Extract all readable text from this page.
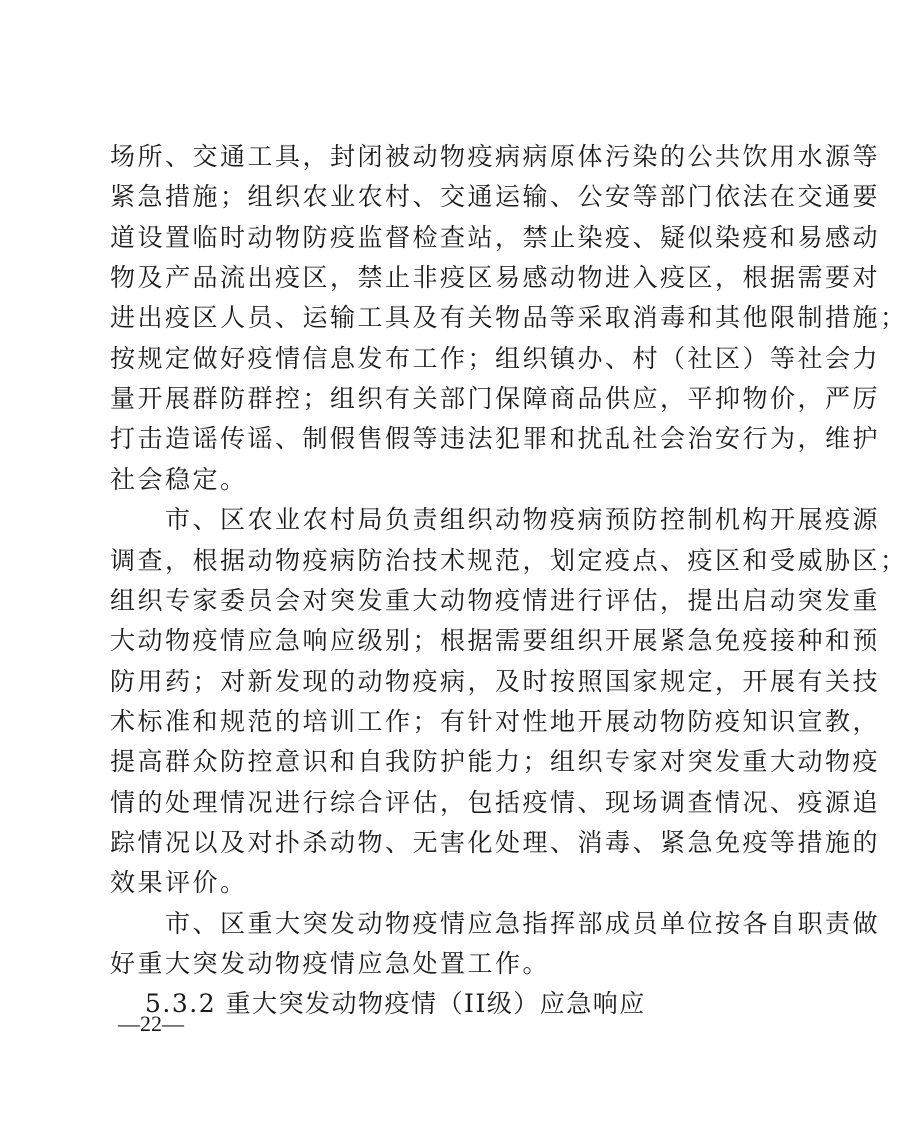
场所、交通工具，封闭被动物疫病病原体污染的公共饮用水源等
紧急措施；组织农业农村、交通运输、公安等部门依法在交通要
道设置临时动物防疫监督检查站，禁止染疫、疑似染疫和易感动
物及产品流出疫区，禁止非疫区易感动物进入疫区，根据需要对
进出疫区人员、运输工具及有关物品等采取消毒和其他限制措施；
按规定做好疫情信息发布工作；组织镇办、村（社区）等社会力
量开展群防群控；组织有关部门保障商品供应，平抑物价，严厉
打击造谣传谣、制假售假等违法犯罪和扰乱社会治安行为，维护
社会稳定。
　　市、区农业农村局负责组织动物疫病预防控制机构开展疫源
调查，根据动物疫病防治技术规范，划定疫点、疫区和受威胁区；
组织专家委员会对突发重大动物疫情进行评估，提出启动突发重
大动物疫情应急响应级别；根据需要组织开展紧急免疫接种和预
防用药；对新发现的动物疫病，及时按照国家规定，开展有关技
术标准和规范的培训工作；有针对性地开展动物防疫知识宣教，
提高群众防控意识和自我防护能力；组织专家对突发重大动物疫
情的处理情况进行综合评估，包括疫情、现场调查情况、疫源追
踪情况以及对扑杀动物、无害化处理、消毒、紧急免疫等措施的
效果评价。
　　市、区重大突发动物疫情应急指挥部成员单位按各自职责做
好重大突发动物疫情应急处置工作。
5.3.2 重大突发动物疫情（II级）应急响应
—22—
